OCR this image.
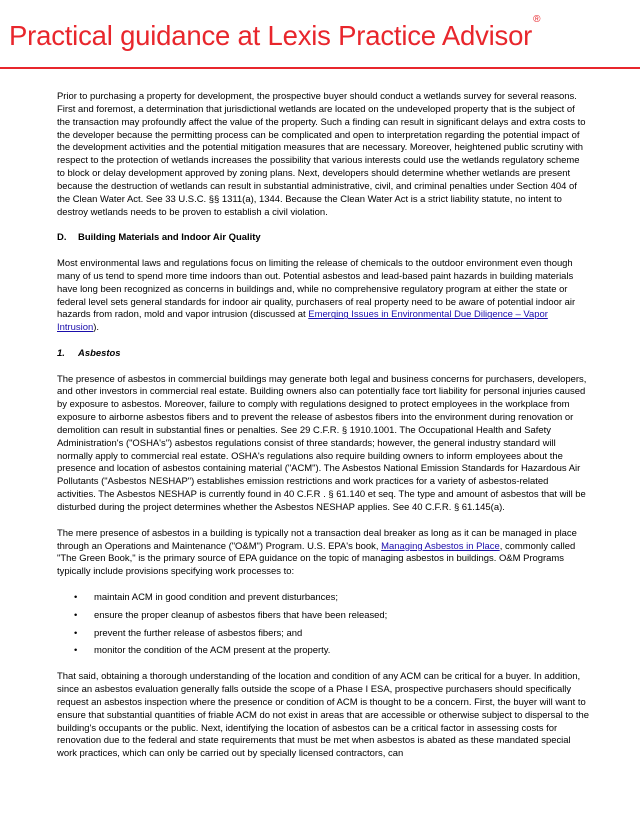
Practical guidance at Lexis Practice Advisor®

Prior to purchasing a property for development, the prospective buyer should conduct a wetlands survey for several reasons. First and foremost, a determination that jurisdictional wetlands are located on the undeveloped property that is the subject of the transaction may profoundly affect the value of the property. Such a finding can result in significant delays and extra costs to the developer because the permitting process can be complicated and open to interpretation regarding the potential impact of the development activities and the potential mitigation measures that are necessary. Moreover, heightened public scrutiny with respect to the protection of wetlands increases the possibility that various interests could use the wetlands regulatory scheme to block or delay development approved by zoning plans. Next, developers should determine whether wetlands are present because the destruction of wetlands can result in substantial administrative, civil, and criminal penalties under Section 404 of the Clean Water Act. See 33 U.S.C. §§ 1311(a), 1344. Because the Clean Water Act is a strict liability statute, no intent to destroy wetlands needs to be proven to establish a civil violation.

D. Building Materials and Indoor Air Quality

Most environmental laws and regulations focus on limiting the release of chemicals to the outdoor environment even though many of us tend to spend more time indoors than out. Potential asbestos and lead-based paint hazards in building materials have long been recognized as concerns in buildings and, while no comprehensive regulatory program at either the state or federal level sets general standards for indoor air quality, purchasers of real property need to be aware of potential indoor air hazards from radon, mold and vapor intrusion (discussed at Emerging Issues in Environmental Due Diligence – Vapor Intrusion).

1. Asbestos

The presence of asbestos in commercial buildings may generate both legal and business concerns for purchasers, developers, and other investors in commercial real estate. Building owners also can potentially face tort liability for personal injuries caused by exposure to asbestos. Moreover, failure to comply with regulations designed to protect employees in the workplace from exposure to airborne asbestos fibers and to prevent the release of asbestos fibers into the environment during renovation or demolition can result in substantial fines or penalties. See 29 C.F.R. § 1910.1001. The Occupational Health and Safety Administration's ("OSHA's") asbestos regulations consist of three standards; however, the general industry standard will normally apply to commercial real estate. OSHA's regulations also require building owners to inform employees about the presence and location of asbestos containing material ("ACM"). The Asbestos National Emission Standards for Hazardous Air Pollutants ("Asbestos NESHAP") establishes emission restrictions and work practices for a variety of asbestos-related activities. The Asbestos NESHAP is currently found in 40 C.F.R . § 61.140 et seq. The type and amount of asbestos that will be disturbed during the project determines whether the Asbestos NESHAP applies. See 40 C.F.R. § 61.145(a).

The mere presence of asbestos in a building is typically not a transaction deal breaker as long as it can be managed in place through an Operations and Maintenance ("O&M") Program. U.S. EPA's book, Managing Asbestos in Place, commonly called "The Green Book," is the primary source of EPA guidance on the topic of managing asbestos in buildings. O&M Programs typically include provisions specifying work processes to:

• maintain ACM in good condition and prevent disturbances;
• ensure the proper cleanup of asbestos fibers that have been released;
• prevent the further release of asbestos fibers; and
• monitor the condition of the ACM present at the property.

That said, obtaining a thorough understanding of the location and condition of any ACM can be critical for a buyer. In addition, since an asbestos evaluation generally falls outside the scope of a Phase I ESA, prospective purchasers should specifically request an asbestos inspection where the presence or condition of ACM is thought to be a concern. First, the buyer will want to ensure that substantial quantities of friable ACM do not exist in areas that are accessible or otherwise subject to dispersal to the building's occupants or the public. Next, identifying the location of asbestos can be a critical factor in assessing costs for renovation due to the federal and state requirements that must be met when asbestos is abated as these mandated special work practices, which can only be carried out by specially licensed contractors, can
